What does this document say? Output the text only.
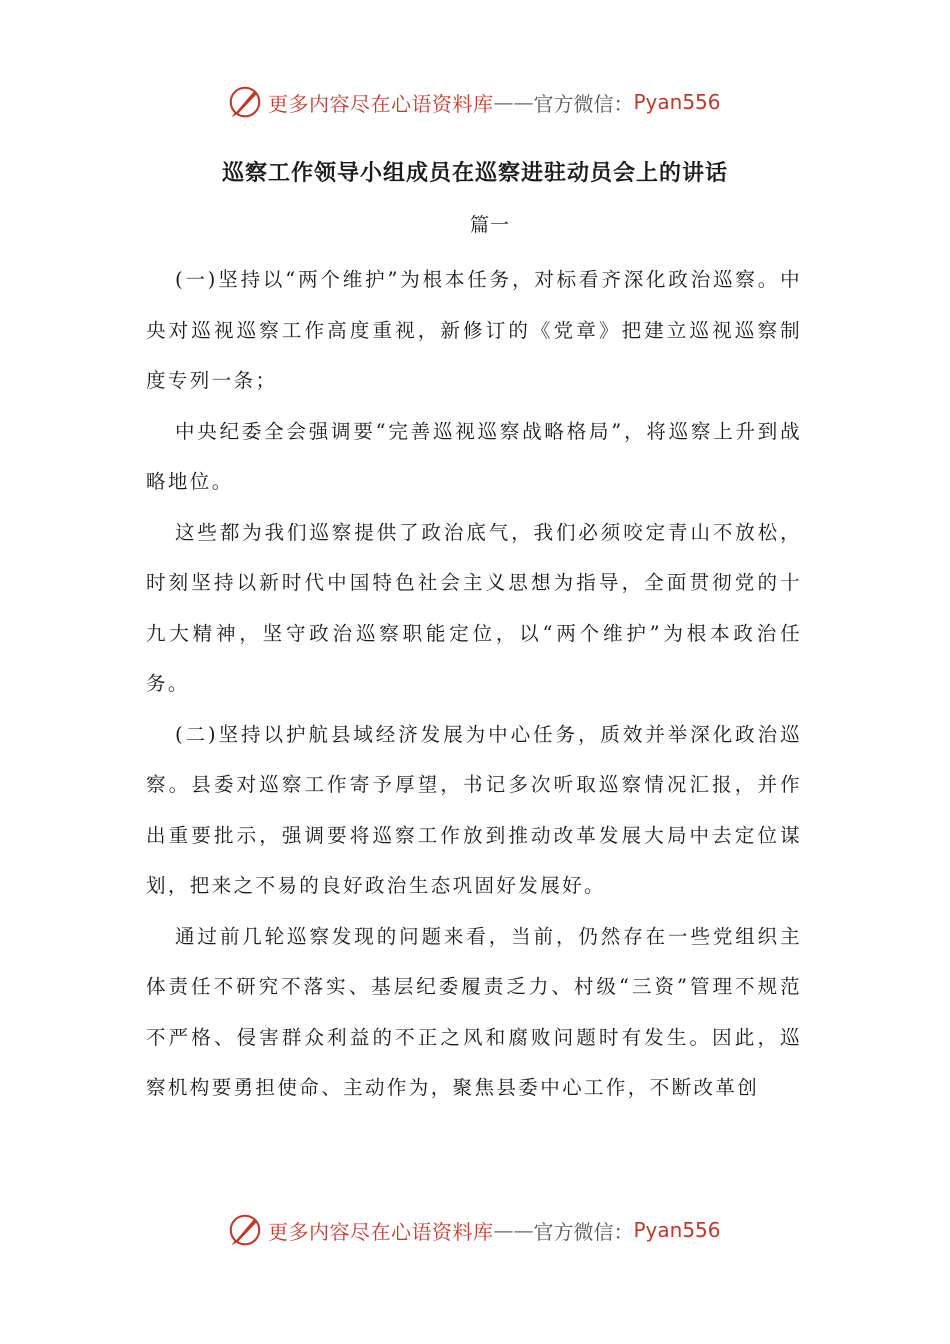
更多内容尽在心语资料库 —— 官方微信： Pyan556
巡察工作领导小组成员在巡察进驻动员会上的讲话
篇一

(一)坚持以“两个维护”为根本任务，对标看齐深化政治巡察。中央对巡视巡察工作高度重视，新修订的《党章》把建立巡视巡察制度专列一条；

中央纪委全会强调要“完善巡视巡察战略格局”，将巡察上升到战略地位。

这些都为我们巡察提供了政治底气，我们必须咬定青山不放松，时刻坚持以新时代中国特色社会主义思想为指导，全面贯彻党的十九大精神，坚守政治巡察职能定位，以“两个维护”为根本政治任务。

(二)坚持以护航县域经济发展为中心任务，质效并举深化政治巡察。县委对巡察工作寄予厚望，书记多次听取巡察情况汇报，并作出重要批示，强调要将巡察工作放到推动改革发展大局中去定位谋划，把来之不易的良好政治生态巩固好发展好。

通过前几轮巡察发现的问题来看，当前，仍然存在一些党组织主体责任不研究不落实、基层纪委履责乏力、村级“三资”管理不规范不严格、侵害群众利益的不正之风和腐败问题时有发生。因此，巡察机构要勇担使命、主动作为，聚焦县委中心工作，不断改革创

更多内容尽在心语资料库 —— 官方微信： Pyan556
